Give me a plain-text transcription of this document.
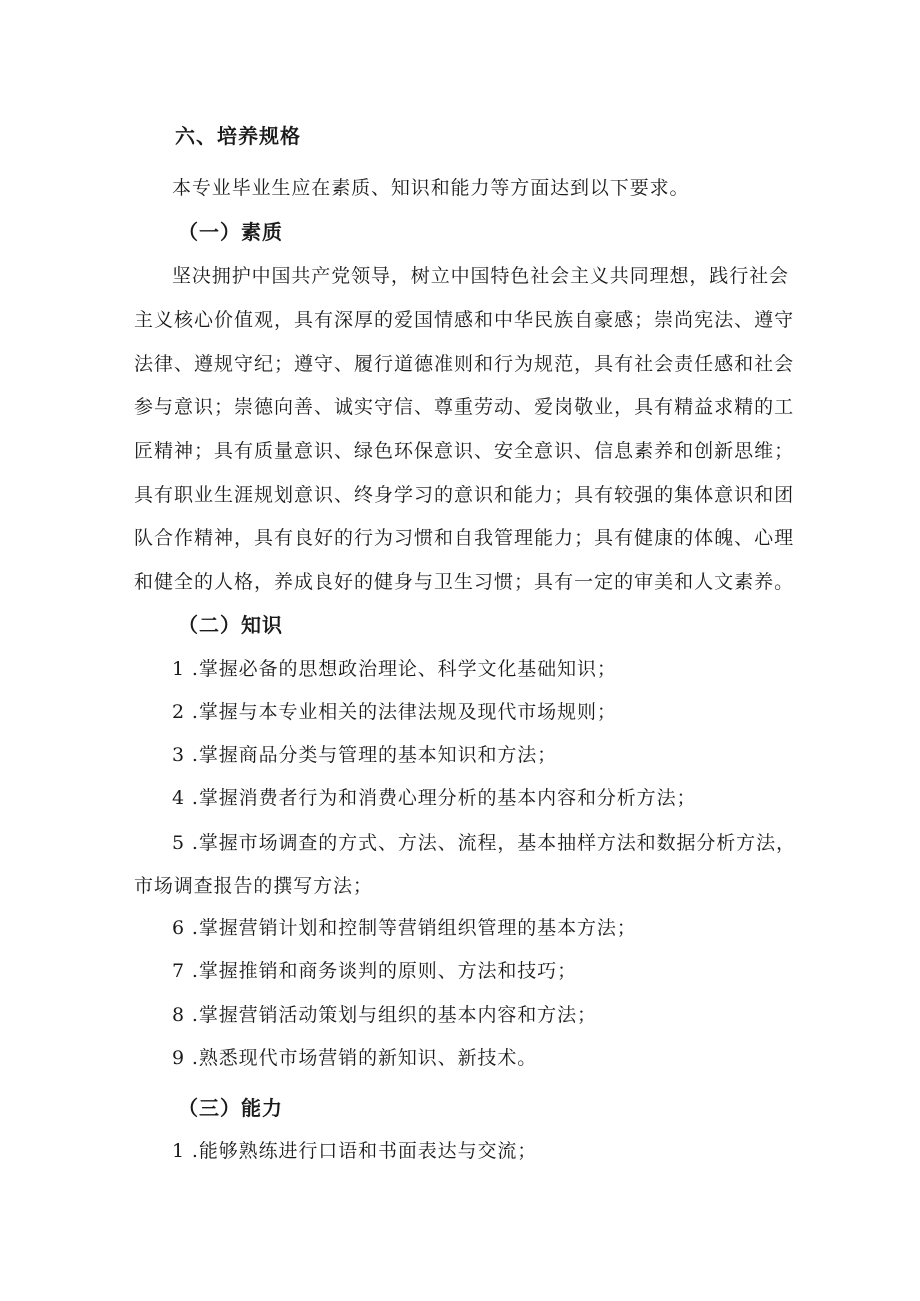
六、培养规格
本专业毕业生应在素质、知识和能力等方面达到以下要求。
（一）素质
坚决拥护中国共产党领导，树立中国特色社会主义共同理想，践行社会
主义核心价值观，具有深厚的爱国情感和中华民族自豪感；崇尚宪法、遵守
法律、遵规守纪；遵守、履行道德准则和行为规范，具有社会责任感和社会
参与意识；崇德向善、诚实守信、尊重劳动、爱岗敬业，具有精益求精的工
匠精神；具有质量意识、绿色环保意识、安全意识、信息素养和创新思维；
具有职业生涯规划意识、终身学习的意识和能力；具有较强的集体意识和团
队合作精神，具有良好的行为习惯和自我管理能力；具有健康的体魄、心理
和健全的人格，养成良好的健身与卫生习惯；具有一定的审美和人文素养。
（二）知识
1 .掌握必备的思想政治理论、科学文化基础知识；
2 .掌握与本专业相关的法律法规及现代市场规则；
3 .掌握商品分类与管理的基本知识和方法；
4 .掌握消费者行为和消费心理分析的基本内容和分析方法；
5 .掌握市场调查的方式、方法、流程，基本抽样方法和数据分析方法，
市场调查报告的撰写方法；
6 .掌握营销计划和控制等营销组织管理的基本方法；
7 .掌握推销和商务谈判的原则、方法和技巧；
8 .掌握营销活动策划与组织的基本内容和方法；
9 .熟悉现代市场营销的新知识、新技术。
（三）能力
1 .能够熟练进行口语和书面表达与交流；
